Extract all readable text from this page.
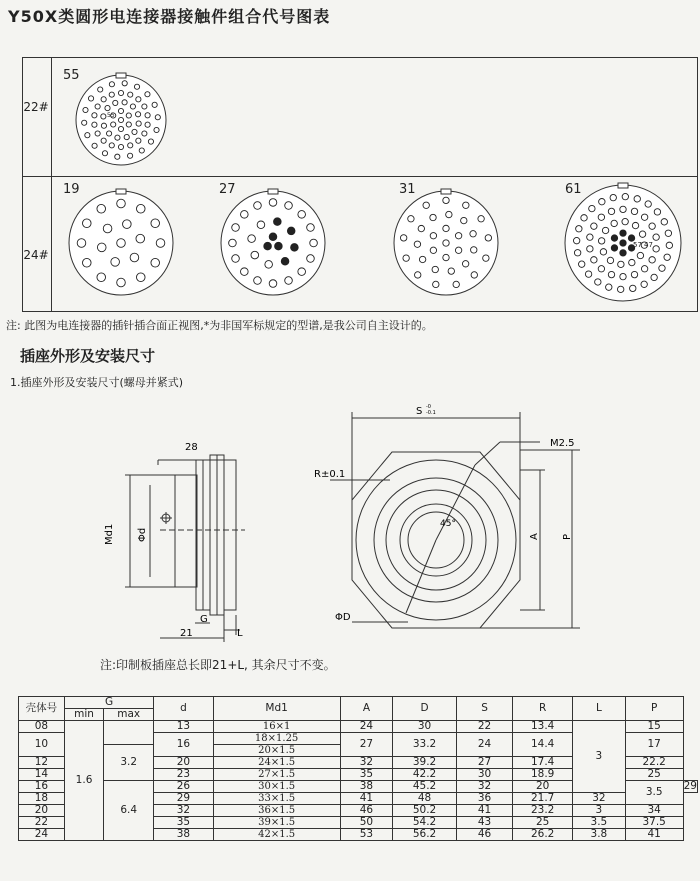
Y50X类圆形电连接器接触件组合代号图表
22#
24#
55
19	27	31	61
55
57 47
注: 此图为电连接器的插针插合面正视图,*为非国军标规定的型谱,是我公司自主设计的。
插座外形及安装尺寸
1.插座外形及安装尺寸(螺母并紧式)
28
Md1 Φd
G
21	L
S -0
-0.1
M2.5
R±0.1
45°
A P
ΦD
注:印制板插座总长即21+L, 其余尺寸不变。
壳体号	G		d	Md1	A	D	S	R	L	P	
	min	max									
08	1.6		13	16×1	24	30	22	13.4	3	15	
10			16	18×1.25	27	33.2	24	14.4		17	
		3.2		20×1.5							
12			20	24×1.5	32	39.2	27	17.4		22.2	
14			23	27×1.5	35	42.2	30	18.9		25	
16		6.4	26	30×1.5	38	45.2	32	20		3.5	29
18			29	33×1.5	41	48	36	21.7	32		
20			32	36×1.5	46	50.2	41	23.2	3	34	
22			35	39×1.5	50	54.2	43	25	3.5	37.5	
24			38	42×1.5	53	56.2	46	26.2	3.8	41	
